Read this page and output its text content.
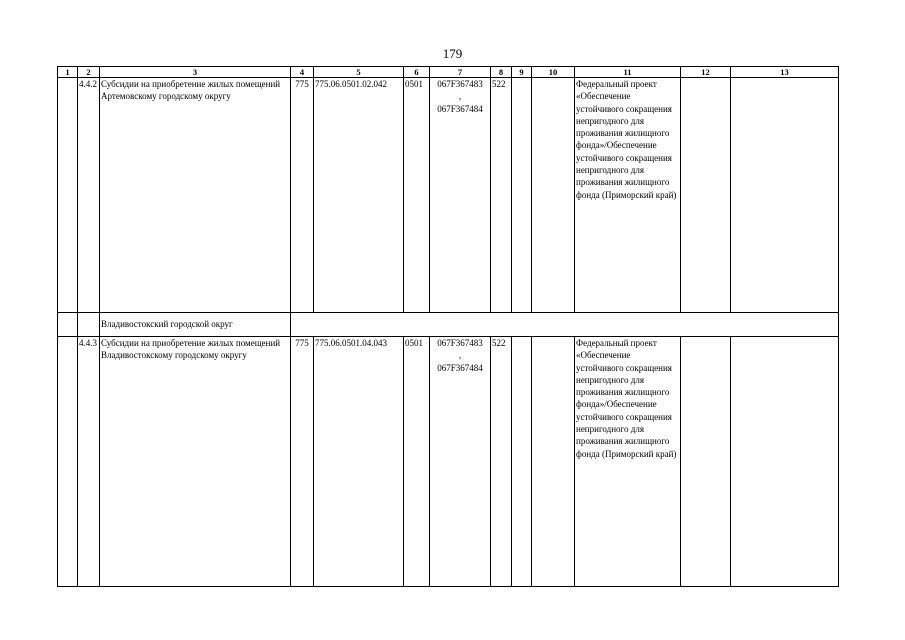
179
1	2	3	4	5	6	7	8	9	10	11	12	13
	4.4.2	Субсидии на приобретение жилых помещений Артемовскому городскому округу	775	775.06.0501.02.042	0501	067F367483
,
067F367484	522			Федеральный проект «Обеспечение устойчивого сокращения непригодного для проживания жилищного фонда»/Обеспечение устойчивого сокращения непригодного для проживания жилищного фонда (Приморский край)		
		Владивостокский городской округ										
	4.4.3	Субсидии на приобретение жилых помещений Владивостокскому городскому округу	775	775.06.0501.04.043	0501	067F367483
,
067F367484	522			Федеральный проект «Обеспечение устойчивого сокращения непригодного для проживания жилищного фонда»/Обеспечение устойчивого сокращения непригодного для проживания жилищного фонда (Приморский край)		
